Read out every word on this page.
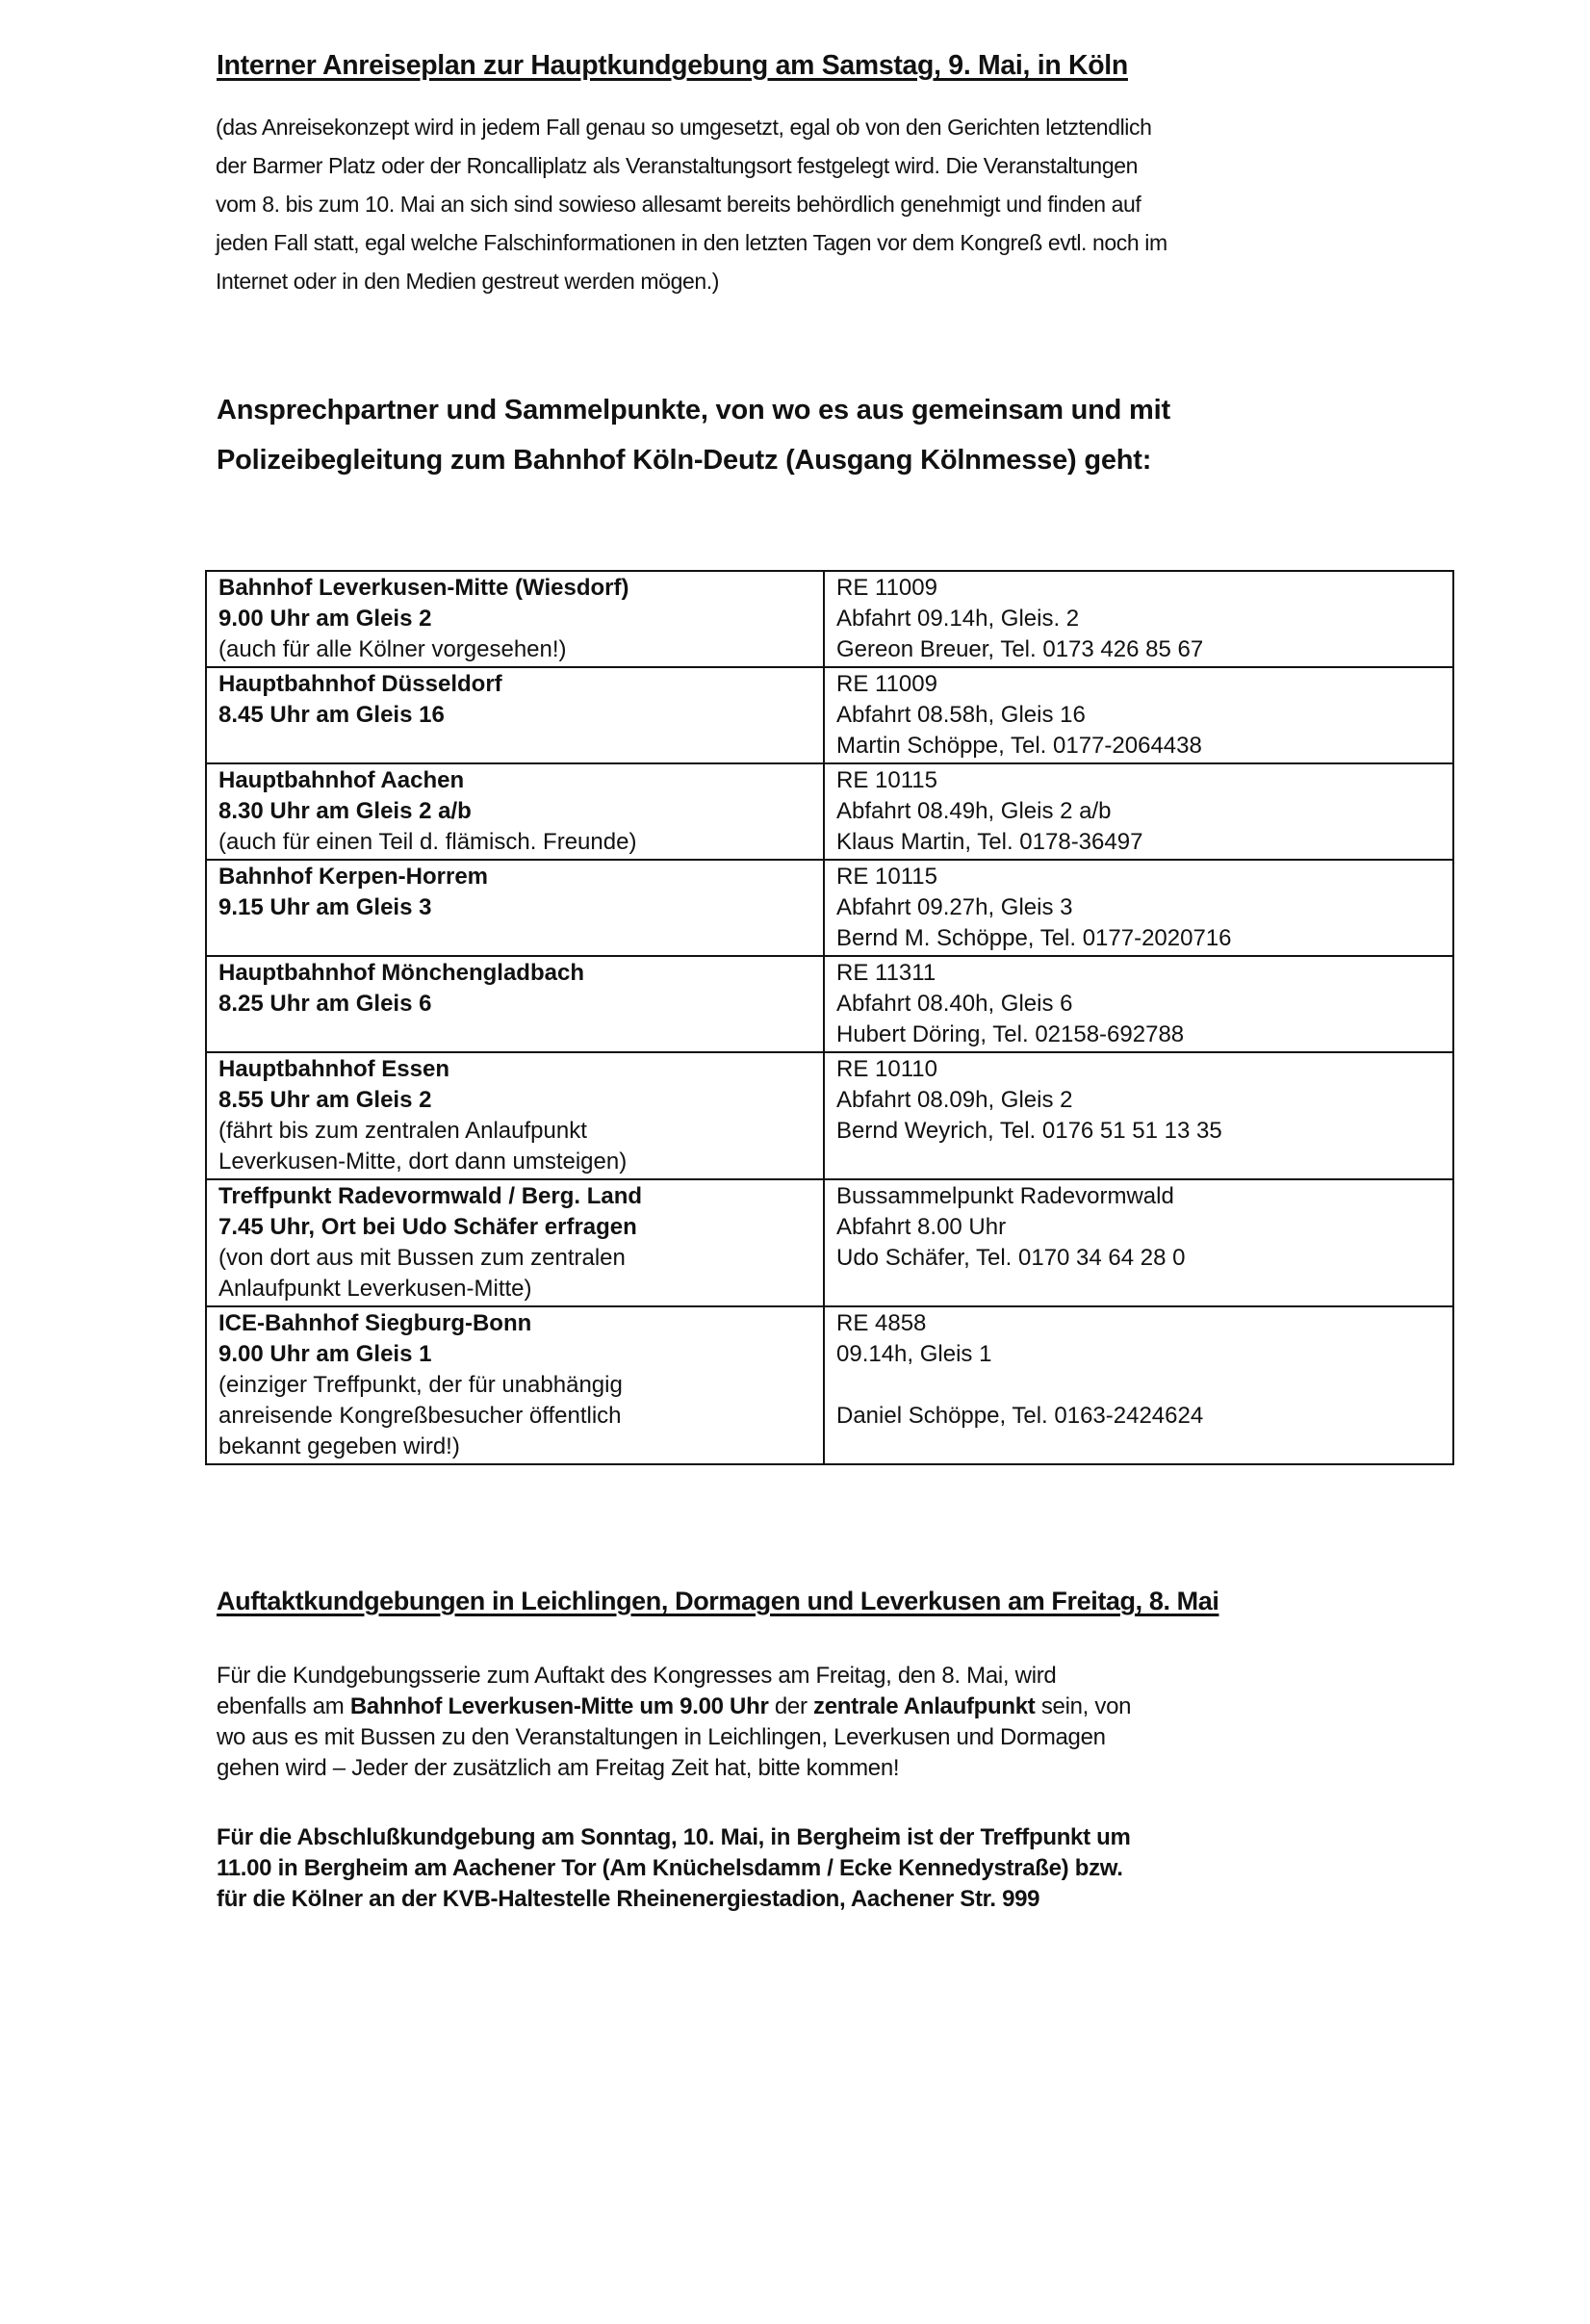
Interner Anreiseplan zur Hauptkundgebung am Samstag, 9. Mai, in Köln

(das Anreisekonzept wird in jedem Fall genau so umgesetzt, egal ob von den Gerichten letztendlich

der Barmer Platz oder der Roncalliplatz als Veranstaltungsort festgelegt wird. Die Veranstaltungen

vom 8. bis zum 10. Mai an sich sind sowieso allesamt bereits behördlich genehmigt und finden auf

jeden Fall statt, egal welche Falschinformationen in den letzten Tagen vor dem Kongreß evtl. noch im

Internet oder in den Medien gestreut werden mögen.)

Ansprechpartner und Sammelpunkte, von wo es aus gemeinsam und mit

Polizeibegleitung zum Bahnhof Köln-Deutz (Ausgang Kölnmesse) geht:

Bahnhof Leverkusen-Mitte (Wiesdorf)
9.00 Uhr am Gleis 2
(auch für alle Kölner vorgesehen!)	RE 11009
Abfahrt 09.14h, Gleis. 2
Gereon Breuer, Tel. 0173 426 85 67

Hauptbahnhof Düsseldorf
8.45 Uhr am Gleis 16	RE 11009
Abfahrt 08.58h, Gleis 16
Martin Schöppe, Tel. 0177-2064438

Hauptbahnhof Aachen
8.30 Uhr am Gleis 2 a/b
(auch für einen Teil d. flämisch. Freunde)	RE 10115
Abfahrt 08.49h, Gleis 2 a/b
Klaus Martin, Tel. 0178-36497

Bahnhof Kerpen-Horrem
9.15 Uhr am Gleis 3	RE 10115
Abfahrt 09.27h, Gleis 3
Bernd M. Schöppe, Tel. 0177-2020716

Hauptbahnhof Mönchengladbach
8.25 Uhr am Gleis 6	RE 11311
Abfahrt 08.40h, Gleis 6
Hubert Döring, Tel. 02158-692788

Hauptbahnhof Essen
8.55 Uhr am Gleis 2
(fährt bis zum zentralen Anlaufpunkt
Leverkusen-Mitte, dort dann umsteigen)	RE 10110
Abfahrt 08.09h, Gleis 2
Bernd Weyrich, Tel. 0176 51 51 13 35

Treffpunkt Radevormwald / Berg. Land
7.45 Uhr, Ort bei Udo Schäfer erfragen
(von dort aus mit Bussen zum zentralen
Anlaufpunkt Leverkusen-Mitte)	Bussammelpunkt Radevormwald
Abfahrt 8.00 Uhr
Udo Schäfer, Tel. 0170 34 64 28 0

ICE-Bahnhof Siegburg-Bonn
9.00 Uhr am Gleis 1
(einziger Treffpunkt, der für unabhängig
anreisende Kongreßbesucher öffentlich
bekannt gegeben wird!)	RE 4858
09.14h, Gleis 1
Daniel Schöppe, Tel. 0163-2424624
Auftaktkundgebungen in Leichlingen, Dormagen und Leverkusen am Freitag, 8. Mai

Für die Kundgebungsserie zum Auftakt des Kongresses am Freitag, den 8. Mai, wird

ebenfalls am Bahnhof Leverkusen-Mitte um 9.00 Uhr der zentrale Anlaufpunkt sein, von

wo aus es mit Bussen zu den Veranstaltungen in Leichlingen, Leverkusen und Dormagen

gehen wird – Jeder der zusätzlich am Freitag Zeit hat, bitte kommen!

Für die Abschlußkundgebung am Sonntag, 10. Mai, in Bergheim ist der Treffpunkt um

11.00 in Bergheim am Aachener Tor (Am Knüchelsdamm / Ecke Kennedystraße) bzw.

für die Kölner an der KVB-Haltestelle Rheinenergiestadion, Aachener Str. 999
